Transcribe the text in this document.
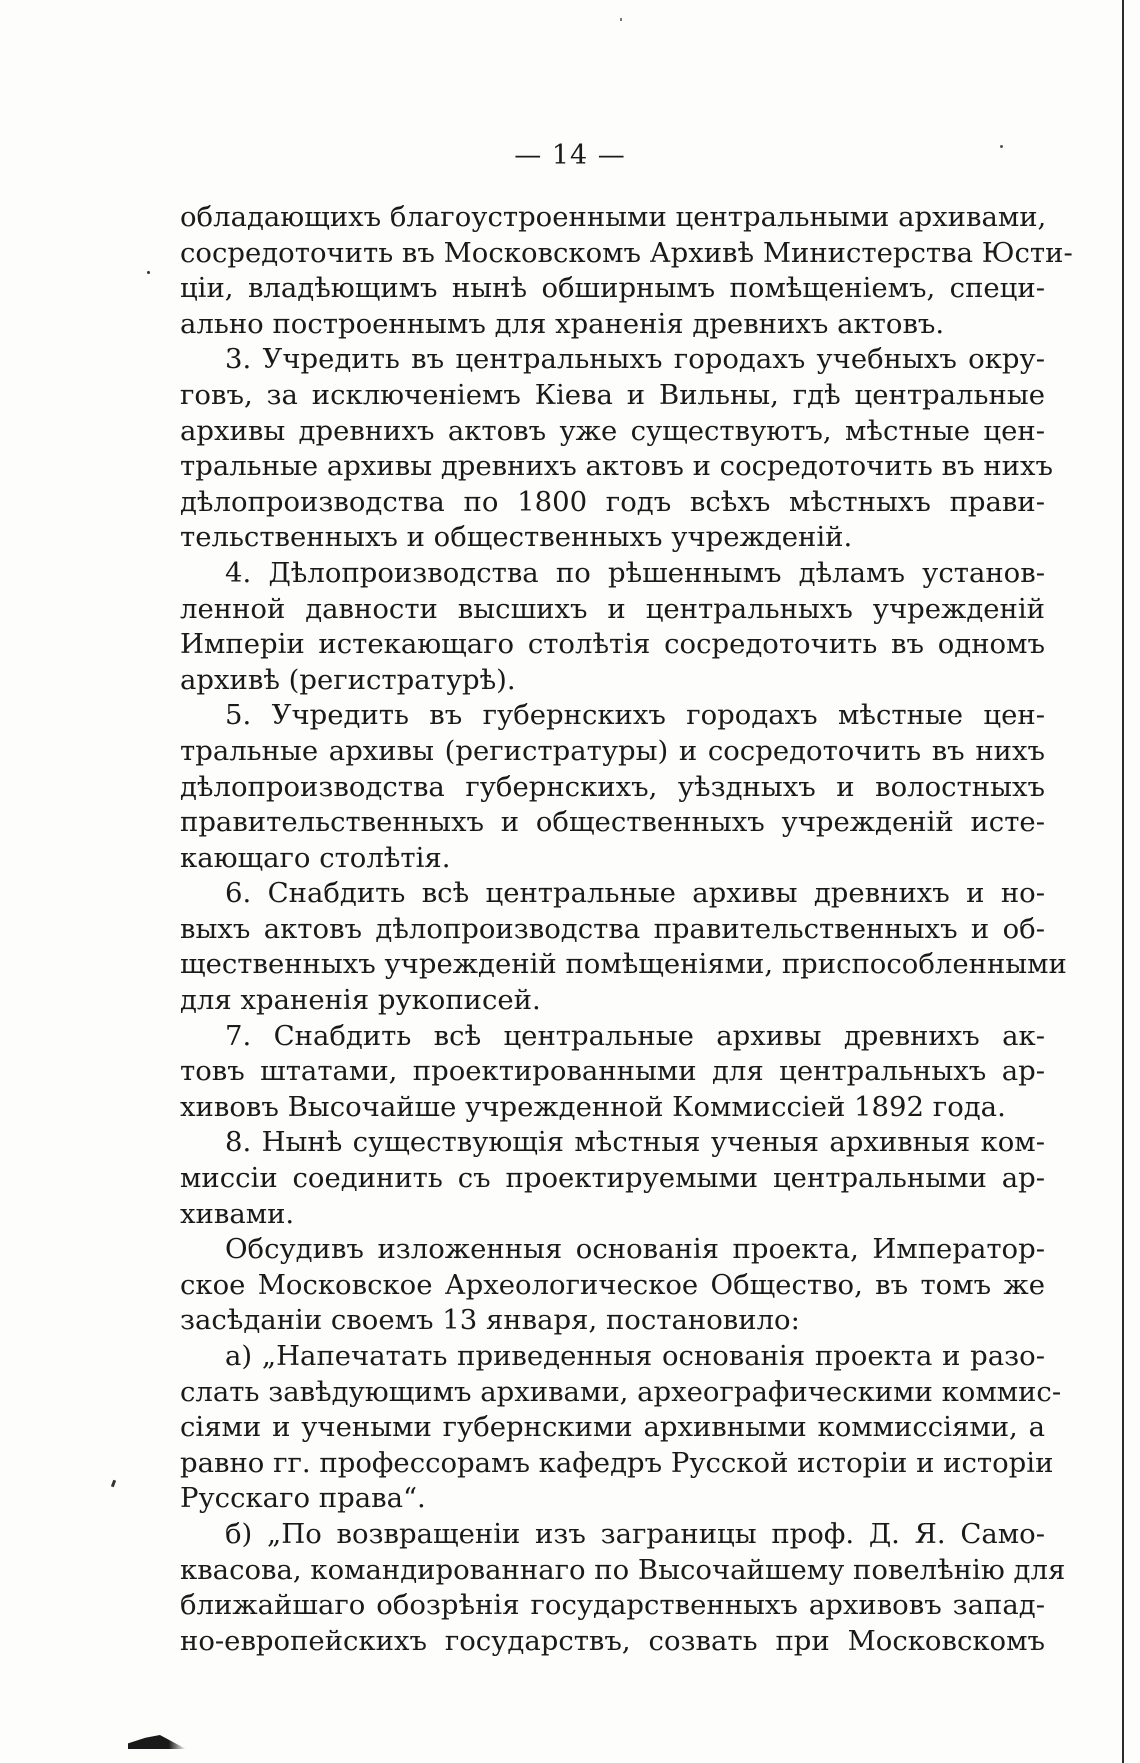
— 14 —
обладающихъ благоустроенными центральными архивами,
сосредоточить въ Московскомъ Архивѣ Министерства Юсти-
ціи, владѣющимъ нынѣ обширнымъ помѣщеніемъ, специ-
ально построеннымъ для храненія древнихъ актовъ.
3. Учредить въ центральныхъ городахъ учебныхъ окру-
говъ, за исключеніемъ Кіева и Вильны, гдѣ центральные
архивы древнихъ актовъ уже существуютъ, мѣстные цен-
тральные архивы древнихъ актовъ и сосредоточить въ нихъ
дѣлопроизводства по 1800 годъ всѣхъ мѣстныхъ прави-
тельственныхъ и общественныхъ учрежденій.
4. Дѣлопроизводства по рѣшеннымъ дѣламъ установ-
ленной давности высшихъ и центральныхъ учрежденій
Имперіи истекающаго столѣтія сосредоточить въ одномъ
архивѣ (регистратурѣ).
5. Учредить въ губернскихъ городахъ мѣстные цен-
тральные архивы (регистратуры) и сосредоточить въ нихъ
дѣлопроизводства губернскихъ, уѣздныхъ и волостныхъ
правительственныхъ и общественныхъ учрежденій исте-
кающаго столѣтія.
6. Снабдить всѣ центральные архивы древнихъ и но-
выхъ актовъ дѣлопроизводства правительственныхъ и об-
щественныхъ учрежденій помѣщеніями, приспособленными
для храненія рукописей.
7. Снабдить всѣ центральные архивы древнихъ ак-
товъ штатами, проектированными для центральныхъ ар-
хивовъ Высочайше учрежденной Коммиссіей 1892 года.
8. Нынѣ существующія мѣстныя ученыя архивныя ком-
миссіи соединить съ проектируемыми центральными ар-
хивами.
Обсудивъ изложенныя основанія проекта, Император-
ское Московское Археологическое Общество, въ томъ же
засѣданіи своемъ 13 января, постановило:
а) „Напечатать приведенныя основанія проекта и разо-
слать завѣдующимъ архивами, археографическими коммис-
сіями и учеными губернскими архивными коммиссіями, а
равно гг. профессорамъ кафедръ Русской исторіи и исторіи
Русскаго права“.
б) „По возвращеніи изъ заграницы проф. Д. Я. Само-
квасова, командированнаго по Высочайшему повелѣнію для
ближайшаго обозрѣнія государственныхъ архивовъ запад-
но-европейскихъ государствъ, созвать при Московскомъ
